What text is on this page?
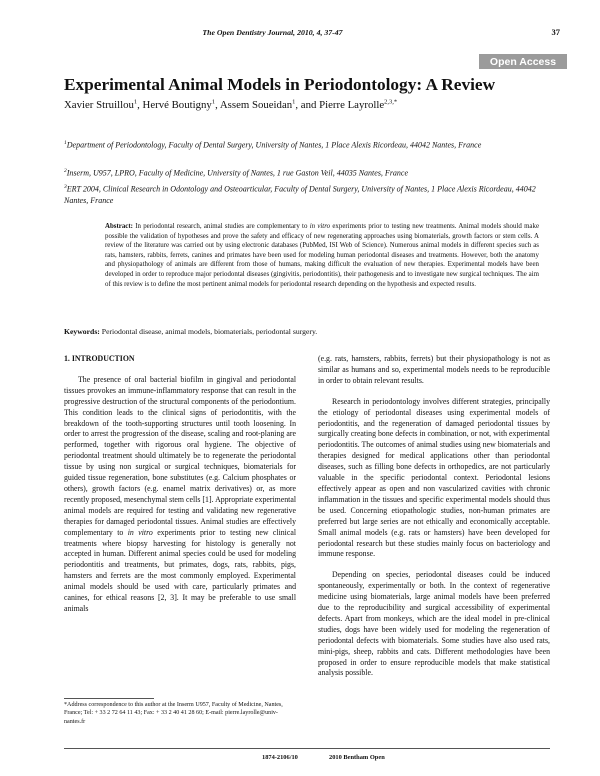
The Open Dentistry Journal, 2010, 4, 37-47	37
Open Access
Experimental Animal Models in Periodontology: A Review
Xavier Struillou$^1$, Hervé Boutigny$^1$, Assem Soueidan$^1$, and Pierre Layrolle$^{2,3,*}$
$^1$Department of Periodontology, Faculty of Dental Surgery, University of Nantes, 1 Place Alexis Ricordeau, 44042 Nantes, France
$^2$Inserm, U957, LPRO, Faculty of Medicine, University of Nantes, 1 rue Gaston Veil, 44035 Nantes, France
$^3$ERT 2004, Clinical Research in Odontology and Osteoarticular, Faculty of Dental Surgery, University of Nantes, 1 Place Alexis Ricordeau, 44042 Nantes, France
Abstract: In periodontal research, animal studies are complementary to in vitro experiments prior to testing new treatments. Animal models should make possible the validation of hypotheses and prove the safety and efficacy of new regenerating approaches using biomaterials, growth factors or stem cells. A review of the literature was carried out by using electronic databases (PubMed, ISI Web of Science). Numerous animal models in different species such as rats, hamsters, rabbits, ferrets, canines and primates have been used for modeling human periodontal diseases and treatments. However, both the anatomy and physiopathology of animals are different from those of humans, making difficult the evaluation of new therapies. Experimental models have been developed in order to reproduce major periodontal diseases (gingivitis, periodontitis), their pathogenesis and to investigate new surgical techniques. The aim of this review is to define the most pertinent animal models for periodontal research depending on the hypothesis and expected results.
Keywords: Periodontal disease, animal models, biomaterials, periodontal surgery.

1. INTRODUCTION

The presence of oral bacterial biofilm in gingival and periodontal tissues provokes an immune-inflammatory response that can result in the progressive destruction of the structural components of the periodontium. This condition leads to the clinical signs of periodontitis, with the breakdown of the tooth-supporting structures until tooth loosening. In order to arrest the progression of the disease, scaling and root-planing are performed, together with rigorous oral hygiene. The objective of periodontal treatment should ultimately be to regenerate the periodontal tissue by using non surgical or surgical techniques, biomaterials for guided tissue regeneration, bone substitutes (e.g. Calcium phosphates or others), growth factors (e.g. enamel matrix derivatives) or, as more recently proposed, mesenchymal stem cells [1]. Appropriate experimental animal models are required for testing and validating new regenerative therapies for damaged periodontal tissues. Animal studies are effectively complementary to in vitro experiments prior to testing new clinical treatments where biopsy harvesting for histology is generally not accepted in human. Different animal species could be used for modeling periodontitis and treatments, but primates, dogs, rats, rabbits, pigs, hamsters and ferrets are the most commonly employed. Experimental animal models should be used with care, particularly primates and canines, for ethical reasons [2, 3]. It may be preferable to use small animals

(e.g. rats, hamsters, rabbits, ferrets) but their physiopathology is not as similar as humans and so, experimental models needs to be reproducible in order to obtain relevant results.

Research in periodontology involves different strategies, principally the etiology of periodontal diseases using experimental models of periodontitis, and the regeneration of damaged periodontal tissues by surgically creating bone defects in combination, or not, with experimental periodontitis. The outcomes of animal studies using new biomaterials and therapies designed for medical applications other than periodontal diseases, such as filling bone defects in orthopedics, are not particularly valuable in the specific periodontal context. Periodontal lesions effectively appear as open and non vascularized cavities with chronic inflammation in the tissues and specific experimental models should thus be used. Concerning etiopathologic studies, non-human primates are preferred but large series are not ethically and economically acceptable. Small animal models (e.g. rats or hamsters) have been developed for periodontal research but these studies mainly focus on bacteriology and immune response.

Depending on species, periodontal diseases could be induced spontaneously, experimentally or both. In the context of regenerative medicine using biomaterials, large animal models have been preferred due to the reproducibility and surgical accessibility of experimental defects. Apart from monkeys, which are the ideal model in pre-clinical studies, dogs have been widely used for modeling the regeneration of periodontal defects with biomaterials. Some studies have also used rats, mini-pigs, sheep, rabbits and cats. Different methodologies have been proposed in order to ensure reproducible models that make statistical analysis possible.

*Address correspondence to this author at the Inserm U957, Faculty of Medicine, Nantes, France; Tel: + 33 2 72 64 11 43; Fax: + 33 2 40 41 28 60; E-mail: pierre.layrolle@univ-nantes.fr
1874-2106/10	2010 Bentham Open
